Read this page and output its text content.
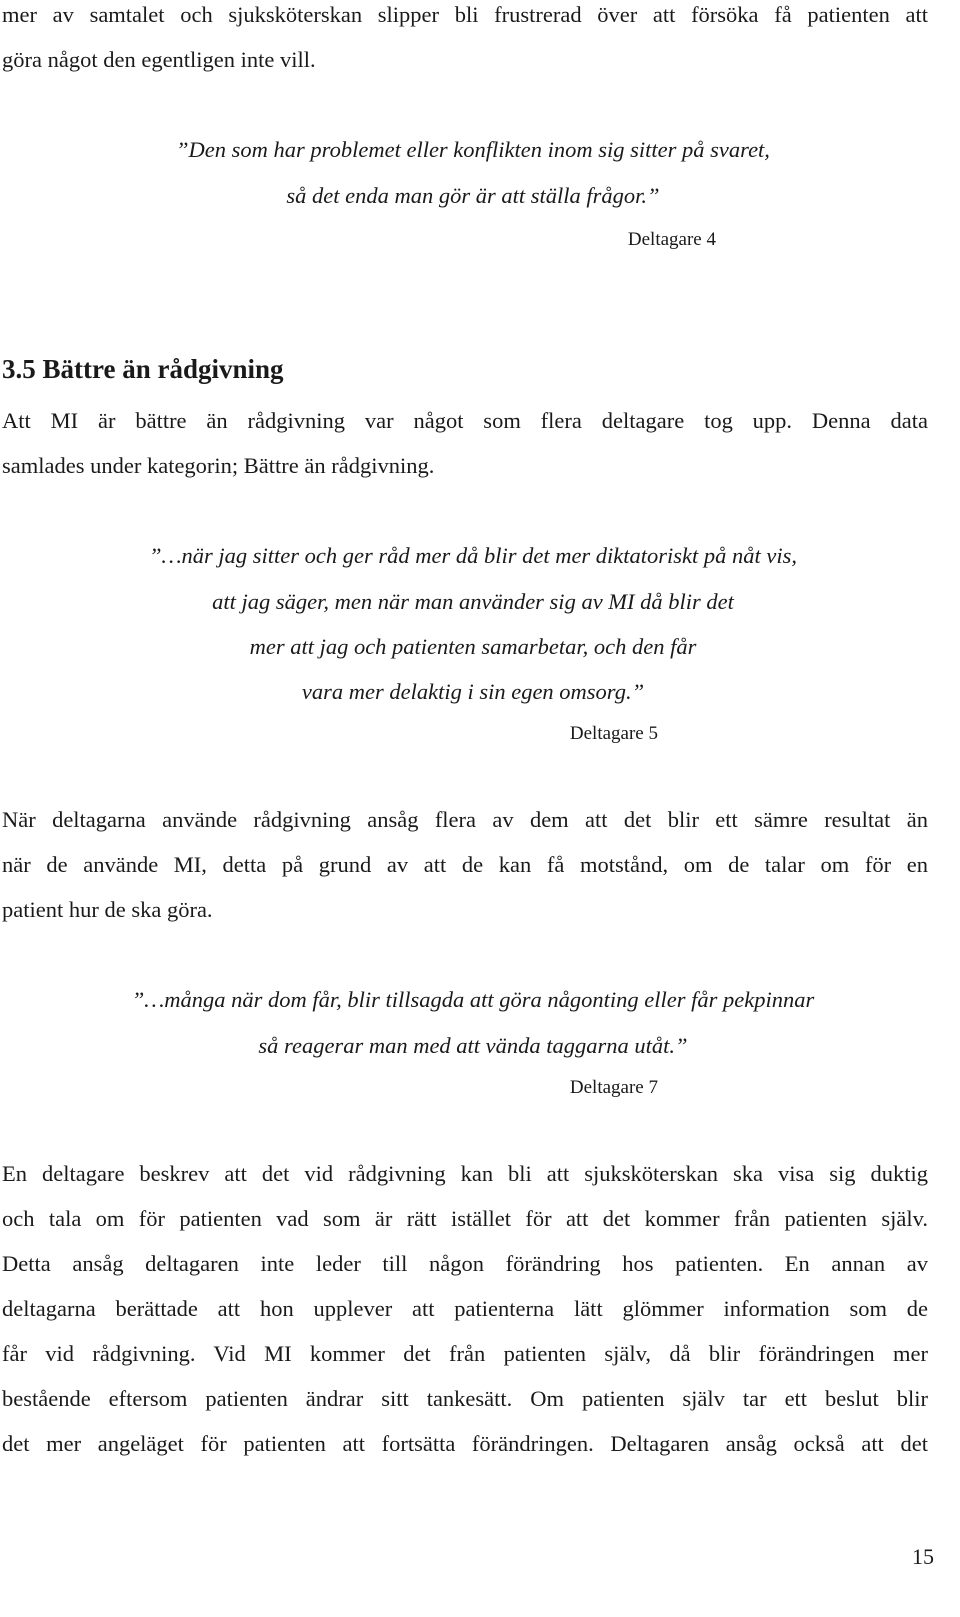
mer av samtalet och sjuksköterskan slipper bli frustrerad över att försöka få patienten att
göra något den egentligen inte vill.
”Den som har problemet eller konflikten inom sig sitter på svaret,
så det enda man gör är att ställa frågor.”
Deltagare 4
3.5 Bättre än rådgivning
Att MI är bättre än rådgivning var något som flera deltagare tog upp. Denna data
samlades under kategorin; Bättre än rådgivning.
”…när jag sitter och ger råd mer då blir det mer diktatoriskt på nåt vis,
att jag säger, men när man använder sig av MI då blir det
mer att jag och patienten samarbetar, och den får
vara mer delaktig i sin egen omsorg.”
Deltagare 5
När deltagarna använde rådgivning ansåg flera av dem att det blir ett sämre resultat än
när de använde MI, detta på grund av att de kan få motstånd, om de talar om för en
patient hur de ska göra.
”…många när dom får, blir tillsagda att göra någonting eller får pekpinnar
så reagerar man med att vända taggarna utåt.”
Deltagare 7
En deltagare beskrev att det vid rådgivning kan bli att sjuksköterskan ska visa sig duktig
och tala om för patienten vad som är rätt istället för att det kommer från patienten själv.
Detta ansåg deltagaren inte leder till någon förändring hos patienten. En annan av
deltagarna berättade att hon upplever att patienterna lätt glömmer information som de
får vid rådgivning. Vid MI kommer det från patienten själv, då blir förändringen mer
bestående eftersom patienten ändrar sitt tankesätt. Om patienten själv tar ett beslut blir
det mer angeläget för patienten att fortsätta förändringen. Deltagaren ansåg också att det
15
